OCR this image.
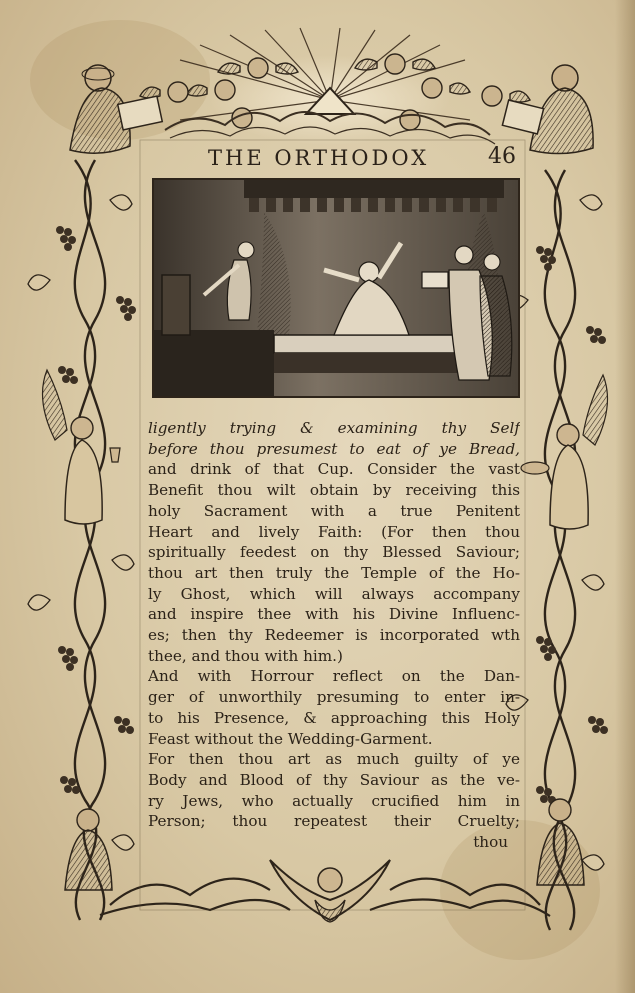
THE ORTHODOX	46
ligently trying & examining thy Self
before thou presumest to eat of ye Bread,
and drink of that Cup. Consider the vast
Benefit thou wilt obtain by receiving this
holy Sacrament with a true Penitent
Heart and lively Faith: (For then thou
spiritually feedest on thy Blessed Saviour;
thou art then truly the Temple of the Ho-
ly Ghost, which will always accompany
and inspire thee with his Divine Influenc-
es; then thy Redeemer is incorporated wth
thee, and thou with him.)
And with Horrour reflect on the Dan-
ger of unworthily presuming to enter in-
to his Presence, & approaching this Holy
Feast without the Wedding-Garment.
For then thou art as much guilty of ye
Body and Blood of thy Saviour as the ve-
ry Jews, who actually crucified him in
Person; thou repeatest their Cruelty;
thou
